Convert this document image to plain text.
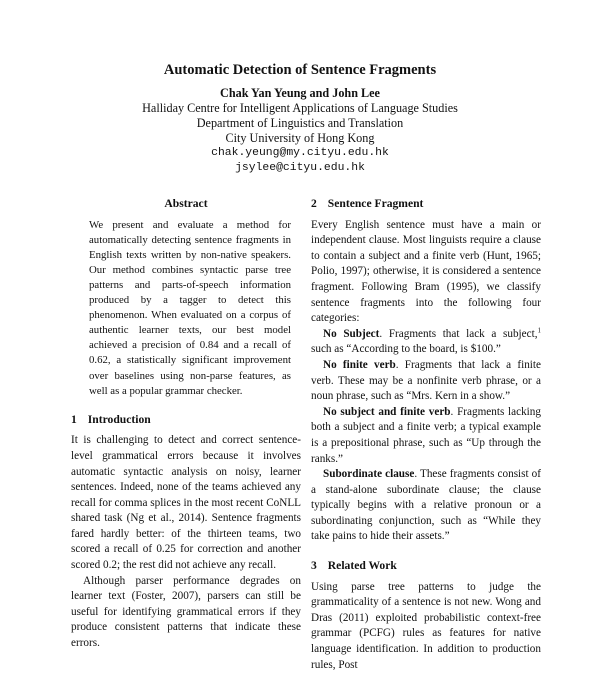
Automatic Detection of Sentence Fragments
Chak Yan Yeung and John Lee
Halliday Centre for Intelligent Applications of Language Studies
Department of Linguistics and Translation
City University of Hong Kong
chak.yeung@my.cityu.edu.hk
jsylee@cityu.edu.hk
Abstract

We present and evaluate a method for automatically detecting sentence fragments in English texts written by non-native speakers. Our method combines syntactic parse tree patterns and parts-of-speech information produced by a tagger to detect this phenomenon. When evaluated on a corpus of authentic learner texts, our best model achieved a precision of 0.84 and a recall of 0.62, a statistically significant improvement over baselines using non-parse features, as well as a popular grammar checker.

1 Introduction

It is challenging to detect and correct sentence-level grammatical errors because it involves automatic syntactic analysis on noisy, learner sentences. Indeed, none of the teams achieved any recall for comma splices in the most recent CoNLL shared task (Ng et al., 2014). Sentence fragments fared hardly better: of the thirteen teams, two scored a recall of 0.25 for correction and another scored 0.2; the rest did not achieve any recall.

Although parser performance degrades on learner text (Foster, 2007), parsers can still be useful for identifying grammatical errors if they produce consistent patterns that indicate these errors.

2 Sentence Fragment

Every English sentence must have a main or independent clause. Most linguists require a clause to contain a subject and a finite verb (Hunt, 1965; Polio, 1997); otherwise, it is considered a sentence fragment. Following Bram (1995), we classify sentence fragments into the following four categories:

No Subject. Fragments that lack a subject,$^1$ such as “According to the board, is $100.”

No finite verb. Fragments that lack a finite verb. These may be a nonfinite verb phrase, or a noun phrase, such as “Mrs. Kern in a show.”

No subject and finite verb. Fragments lacking both a subject and a finite verb; a typical example is a prepositional phrase, such as “Up through the ranks.”

Subordinate clause. These fragments consist of a stand-alone subordinate clause; the clause typically begins with a relative pronoun or a subordinating conjunction, such as “While they take pains to hide their assets.”

3 Related Work

Using parse tree patterns to judge the grammaticality of a sentence is not new. Wong and Dras (2011) exploited probabilistic context-free grammar (PCFG) rules as features for native language identification. In addition to production rules, Post
